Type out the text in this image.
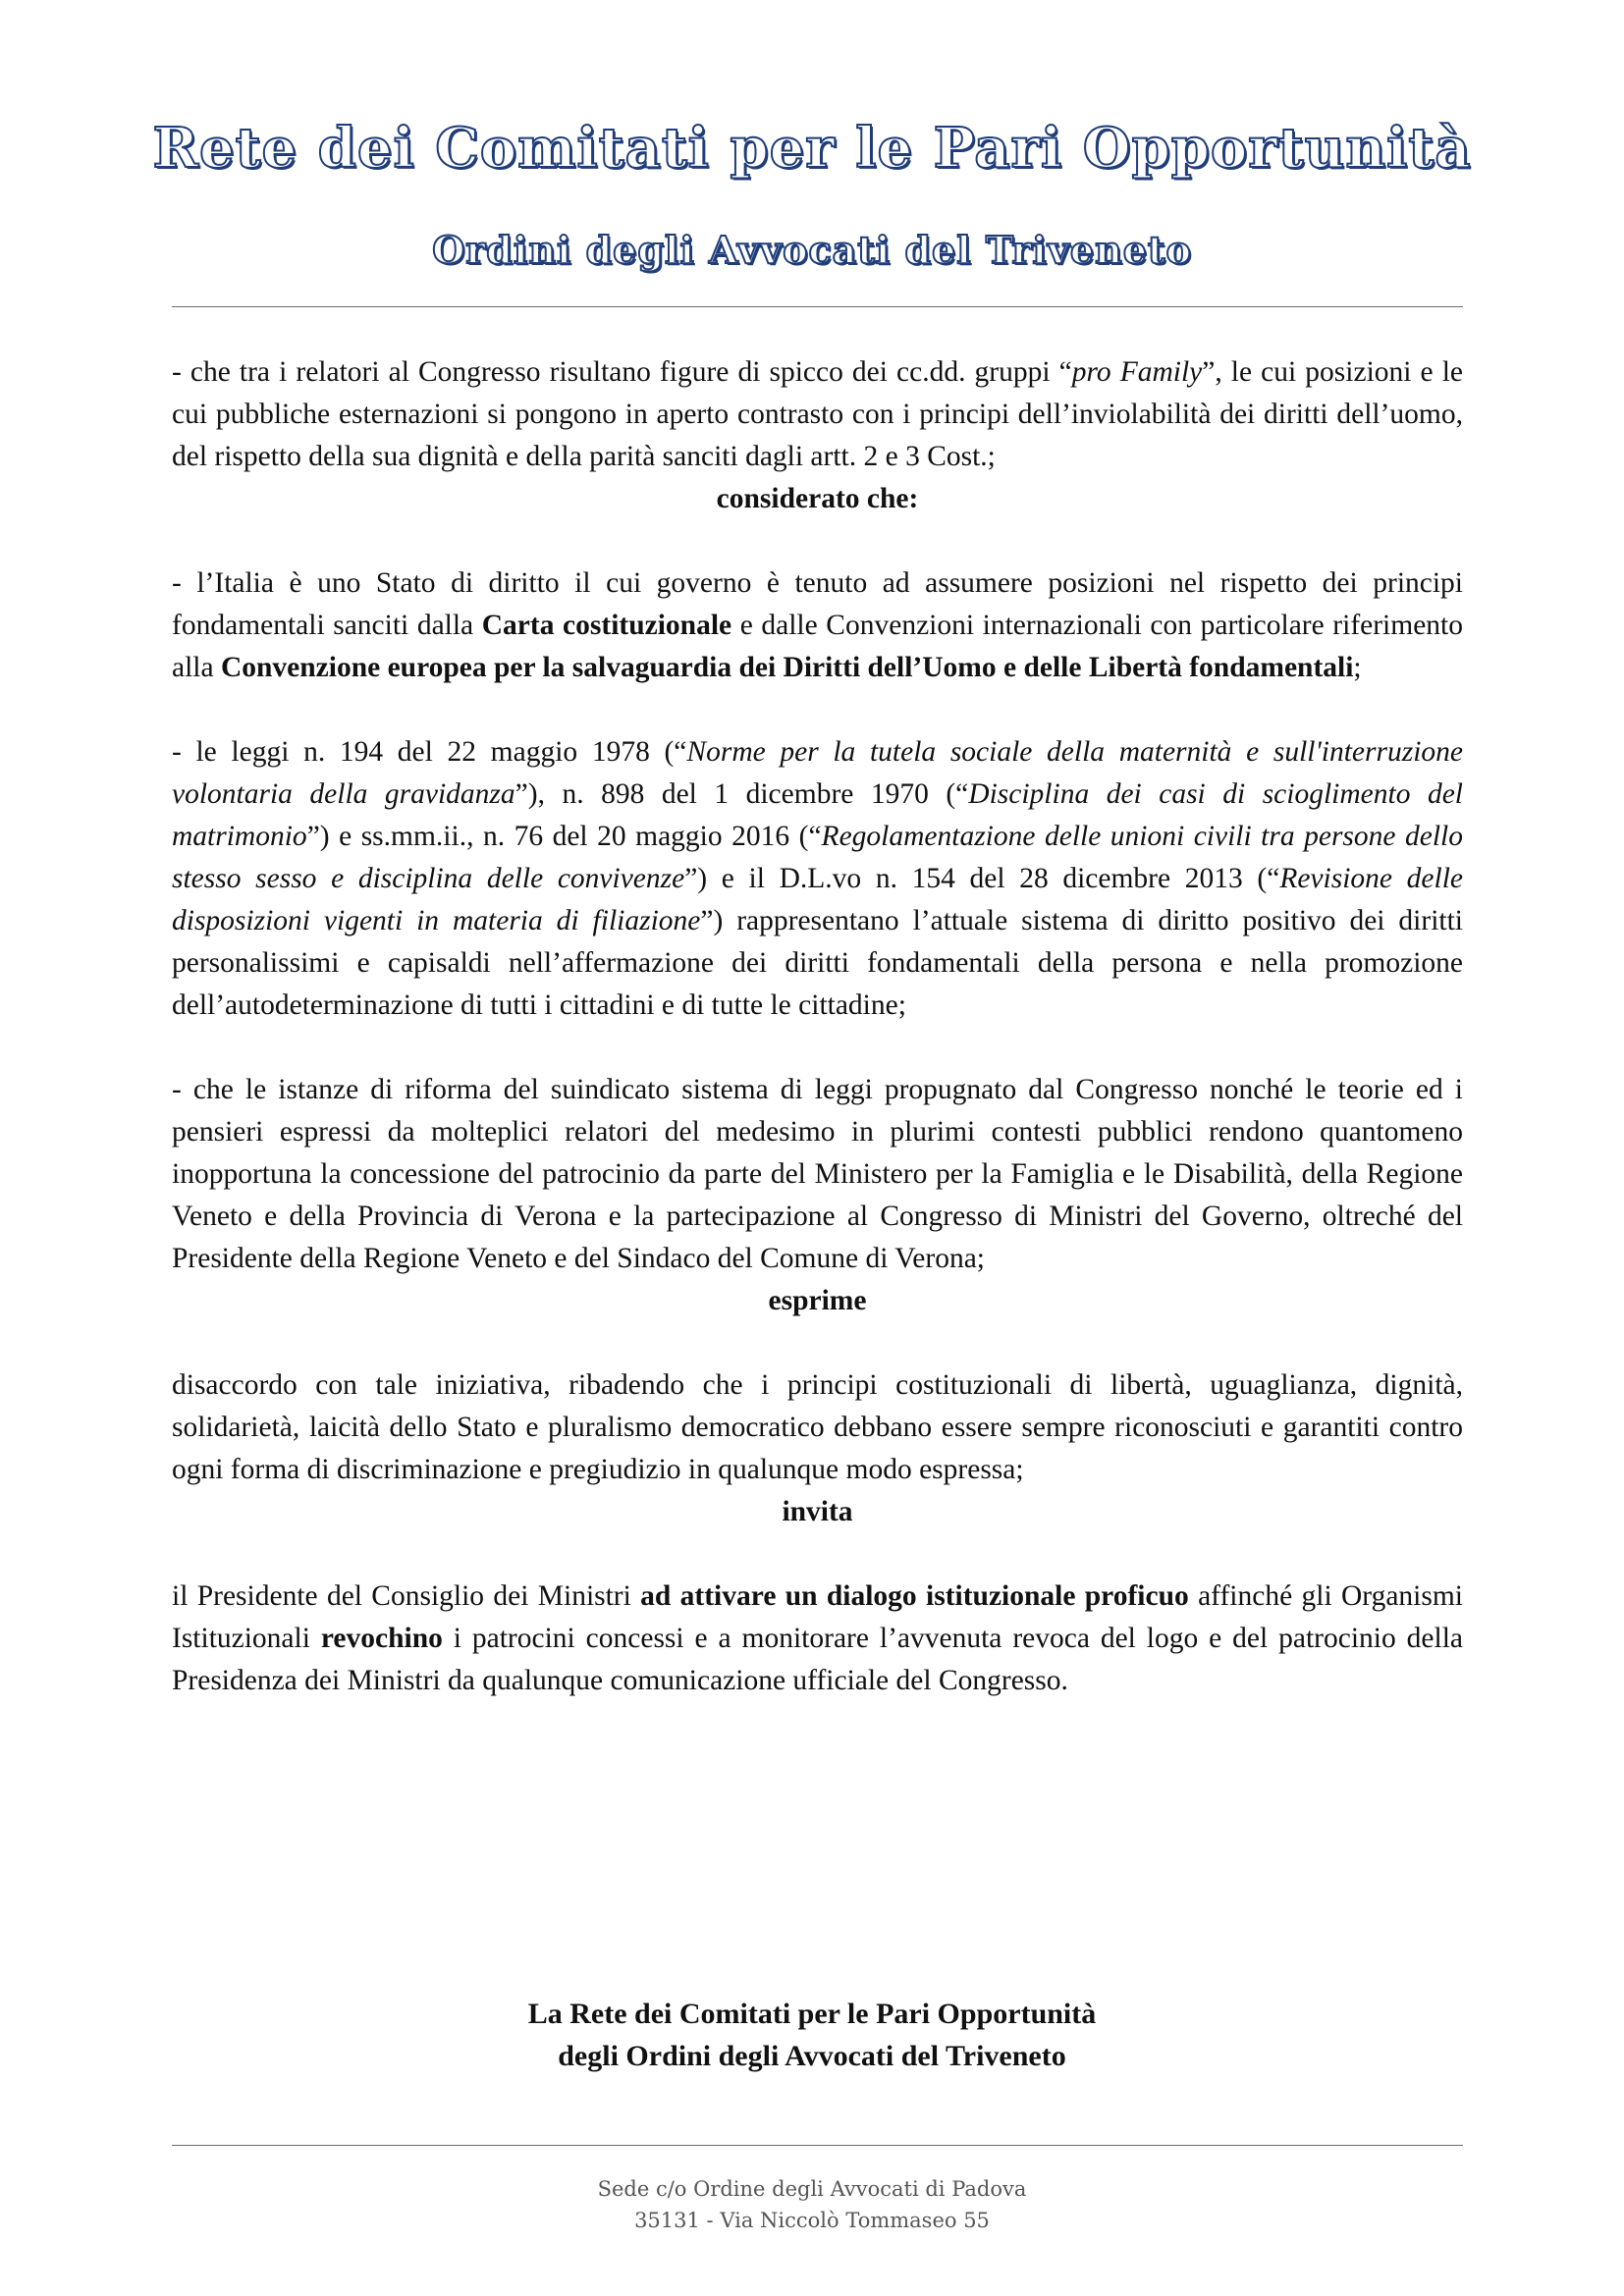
Rete dei Comitati per le Pari Opportunità
Ordini degli Avvocati del Triveneto

- che tra i relatori al Congresso risultano figure di spicco dei cc.dd. gruppi “pro Family”, le cui posizioni e le cui pubbliche esternazioni si pongono in aperto contrasto con i principi dell’inviolabilità dei diritti dell’uomo, del rispetto della sua dignità e della parità sanciti dagli artt. 2 e 3 Cost.;

considerato che:

- l’Italia è uno Stato di diritto il cui governo è tenuto ad assumere posizioni nel rispetto dei principi fondamentali sanciti dalla Carta costituzionale e dalle Convenzioni internazionali con particolare riferimento alla Convenzione europea per la salvaguardia dei Diritti dell’Uomo e delle Libertà fondamentali;

- le leggi n. 194 del 22 maggio 1978 (“Norme per la tutela sociale della maternità e sull'interruzione volontaria della gravidanza”), n. 898 del 1 dicembre 1970 (“Disciplina dei casi di scioglimento del matrimonio”) e ss.mm.ii., n. 76 del 20 maggio 2016 (“Regolamentazione delle unioni civili tra persone dello stesso sesso e disciplina delle convivenze”) e il D.L.vo n. 154 del 28 dicembre 2013 (“Revisione delle disposizioni vigenti in materia di filiazione”) rappresentano l’attuale sistema di diritto positivo dei diritti personalissimi e capisaldi nell’affermazione dei diritti fondamentali della persona e nella promozione dell’autodeterminazione di tutti i cittadini e di tutte le cittadine;

- che le istanze di riforma del suindicato sistema di leggi propugnato dal Congresso nonché le teorie ed i pensieri espressi da molteplici relatori del medesimo in plurimi contesti pubblici rendono quantomeno inopportuna la concessione del patrocinio da parte del Ministero per la Famiglia e le Disabilità, della Regione Veneto e della Provincia di Verona e la partecipazione al Congresso di Ministri del Governo, oltreché del Presidente della Regione Veneto e del Sindaco del Comune di Verona;

esprime

disaccordo con tale iniziativa, ribadendo che i principi costituzionali di libertà, uguaglianza, dignità, solidarietà, laicità dello Stato e pluralismo democratico debbano essere sempre riconosciuti e garantiti contro ogni forma di discriminazione e pregiudizio in qualunque modo espressa;

invita

il Presidente del Consiglio dei Ministri ad attivare un dialogo istituzionale proficuo affinché gli Organismi Istituzionali revochino i patrocini concessi e a monitorare l’avvenuta revoca del logo e del patrocinio della Presidenza dei Ministri da qualunque comunicazione ufficiale del Congresso.

La Rete dei Comitati per le Pari Opportunità
degli Ordini degli Avvocati del Triveneto
Sede c/o Ordine degli Avvocati di Padova
35131 - Via Niccolò Tommaseo 55
